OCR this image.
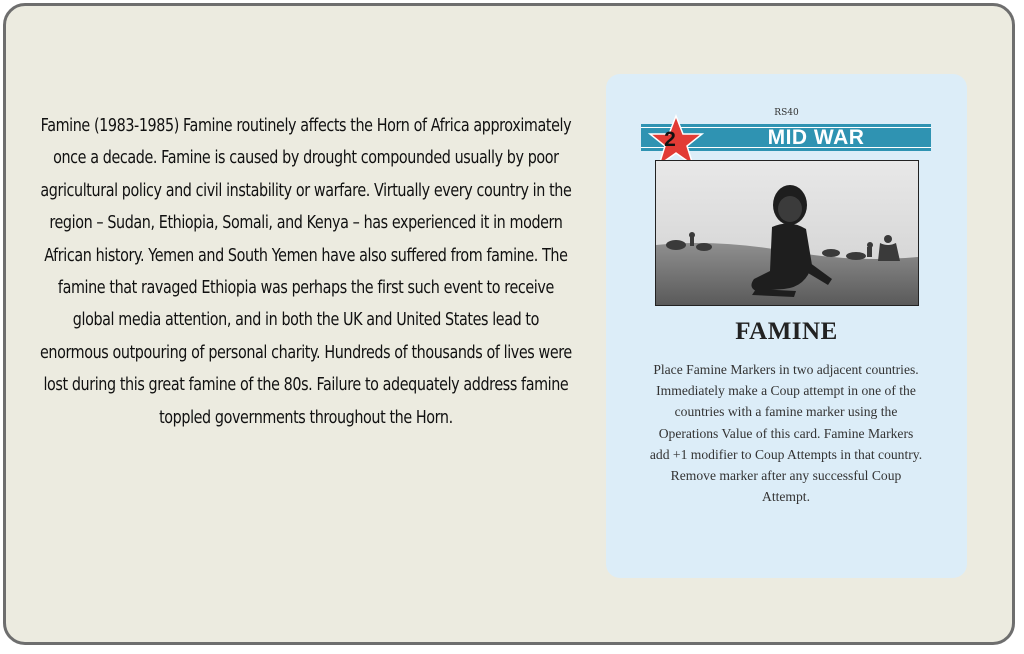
Famine (1983-1985) Famine routinely affects the Horn of Africa approximately once a decade. Famine is caused by drought compounded usually by poor agricultural policy and civil instability or warfare. Virtually every country in the region – Sudan, Ethiopia, Somali, and Kenya – has experienced it in modern African history. Yemen and South Yemen have also suffered from famine. The famine that ravaged Ethiopia was perhaps the first such event to receive global media attention, and in both the UK and United States lead to enormous outpouring of personal charity. Hundreds of thousands of lives were lost during this great famine of the 80s. Failure to adequately address famine toppled governments throughout the Horn.
RS40
MID WAR
2
FAMINE
Place Famine Markers in two adjacent countries. Immediately make a Coup attempt in one of the countries with a famine marker using the Operations Value of this card. Famine Markers add +1 modifier to Coup Attempts in that country. Remove marker after any successful Coup Attempt.
